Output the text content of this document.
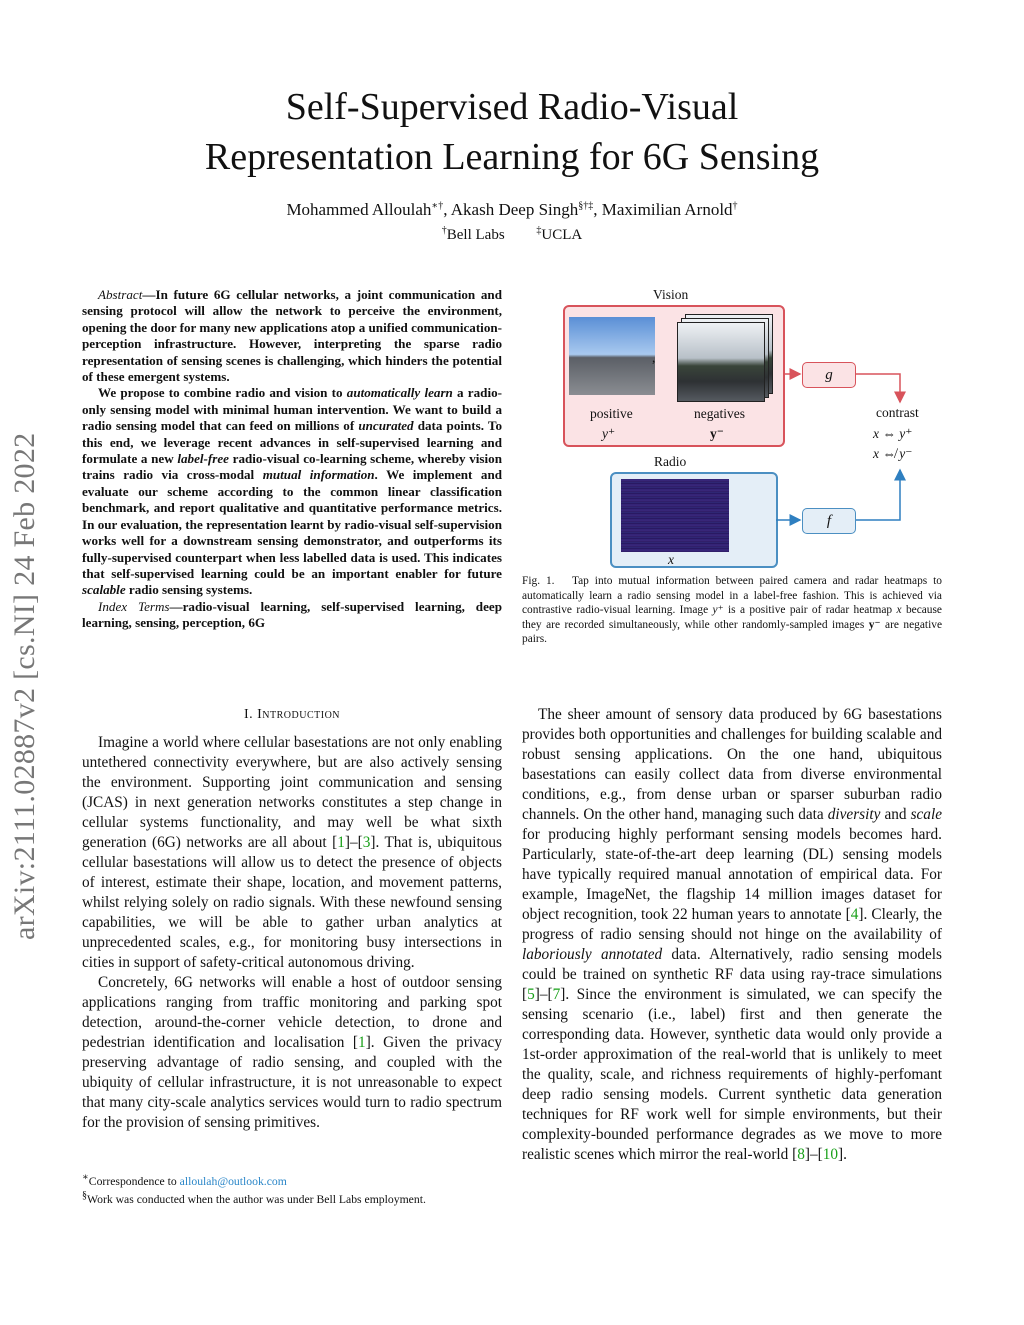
Self-Supervised Radio-Visual
Representation Learning for 6G Sensing
Mohammed Alloulah∗†, Akash Deep Singh§†‡, Maximilian Arnold†
†Bell Labs	‡UCLA
arXiv:2111.02887v2 [cs.NI] 24 Feb 2022

Abstract—In future 6G cellular networks, a joint communication and sensing protocol will allow the network to perceive the environment, opening the door for many new applications atop a unified communication-perception infrastructure. However, interpreting the sparse radio representation of sensing scenes is challenging, which hinders the potential of these emergent systems.

We propose to combine radio and vision to automatically learn a radio-only sensing model with minimal human intervention. We want to build a radio sensing model that can feed on millions of uncurated data points. To this end, we leverage recent advances in self-supervised learning and formulate a new label-free radio-visual co-learning scheme, whereby vision trains radio via cross-modal mutual information. We implement and evaluate our scheme according to the common linear classification benchmark, and report qualitative and quantitative performance metrics. In our evaluation, the representation learnt by radio-visual self-supervision works well for a downstream sensing demonstrator, and outperforms its fully-supervised counterpart when less labelled data is used. This indicates that self-supervised learning could be an important enabler for future scalable radio sensing systems.

Index Terms—radio-visual learning, self-supervised learning, deep learning, sensing, perception, 6G

I. Introduction

Imagine a world where cellular basestations are not only enabling untethered connectivity everywhere, but are also actively sensing the environment. Supporting joint communication and sensing (JCAS) in next generation networks constitutes a step change in cellular systems functionality, and may well be what sixth generation (6G) networks are all about [1]–[3]. That is, ubiquitous cellular basestations will allow us to detect the presence of objects of interest, estimate their shape, location, and movement patterns, whilst relying solely on radio signals. With these newfound sensing capabilities, we will be able to gather urban analytics at unprecedented scales, e.g., for monitoring busy intersections in cities in support of safety-critical autonomous driving.

Concretely, 6G networks will enable a host of outdoor sensing applications ranging from traffic monitoring and parking spot detection, around-the-corner vehicle detection, to drone and pedestrian identification and localisation [1]. Given the privacy preserving advantage of radio sensing, and coupled with the ubiquity of cellular infrastructure, it is not unreasonable to expect that many city-scale analytics services would turn to radio spectrum for the provision of sensing primitives.

∗Correspondence to alloulah@outlook.com
§Work was conducted when the author was under Bell Labs employment.
Vision
,
positive
y⁺
negatives
y⁻
Radio
x
g
f
contrast
x ⇔ y⁺
x ⇎ y⁻
Fig. 1. Tap into mutual information between paired camera and radar heatmaps to automatically learn a radio sensing model in a label-free fashion. This is achieved via contrastive radio-visual learning. Image y⁺ is a positive pair of radar heatmap x because they are recorded simultaneously, while other randomly-sampled images y⁻ are negative pairs.

The sheer amount of sensory data produced by 6G basestations provides both opportunities and challenges for building scalable and robust sensing applications. On the one hand, ubiquitous basestations can easily collect data from diverse environmental conditions, e.g., from dense urban or sparser suburban radio channels. On the other hand, managing such data diversity and scale for producing highly performant sensing models becomes hard. Particularly, state-of-the-art deep learning (DL) sensing models have typically required manual annotation of empirical data. For example, ImageNet, the flagship 14 million images dataset for object recognition, took 22 human years to annotate [4]. Clearly, the progress of radio sensing should not hinge on the availability of laboriously annotated data. Alternatively, radio sensing models could be trained on synthetic RF data using ray-trace simulations [5]–[7]. Since the environment is simulated, we can specify the sensing scenario (i.e., label) first and then generate the corresponding data. However, synthetic data would only provide a 1st-order approximation of the real-world that is unlikely to meet the quality, scale, and richness requirements of highly-perfomant deep radio sensing models. Current synthetic data generation techniques for RF work well for simple environments, but their complexity-bounded performance degrades as we move to more realistic scenes which mirror the real-world [8]–[10].
